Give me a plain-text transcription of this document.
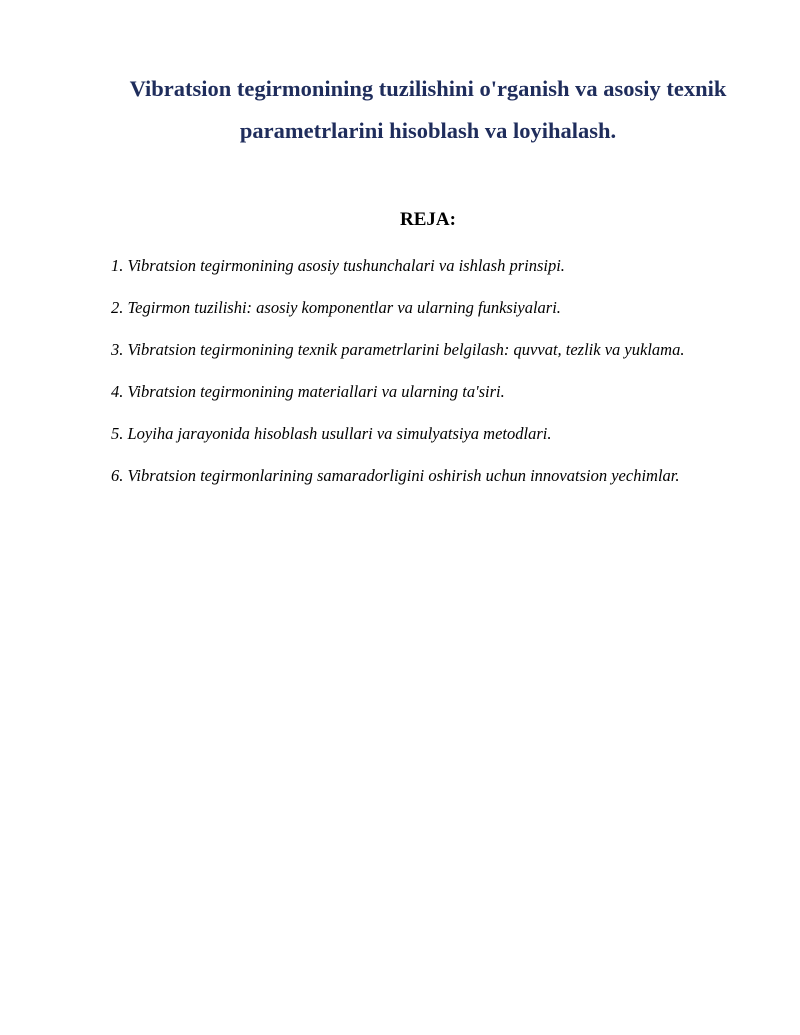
Vibratsion tegirmonining tuzilishini o'rganish va asosiy texnik
parametrlarini hisoblash va loyihalash.
REJA:
1. Vibratsion tegirmonining asosiy tushunchalari va ishlash prinsipi.
2. Tegirmon tuzilishi: asosiy komponentlar va ularning funksiyalari.
3. Vibratsion tegirmonining texnik parametrlarini belgilash: quvvat, tezlik va yuklama.
4. Vibratsion tegirmonining materiallari va ularning ta'siri.
5. Loyiha jarayonida hisoblash usullari va simulyatsiya metodlari.
6. Vibratsion tegirmonlarining samaradorligini oshirish uchun innovatsion yechimlar.
